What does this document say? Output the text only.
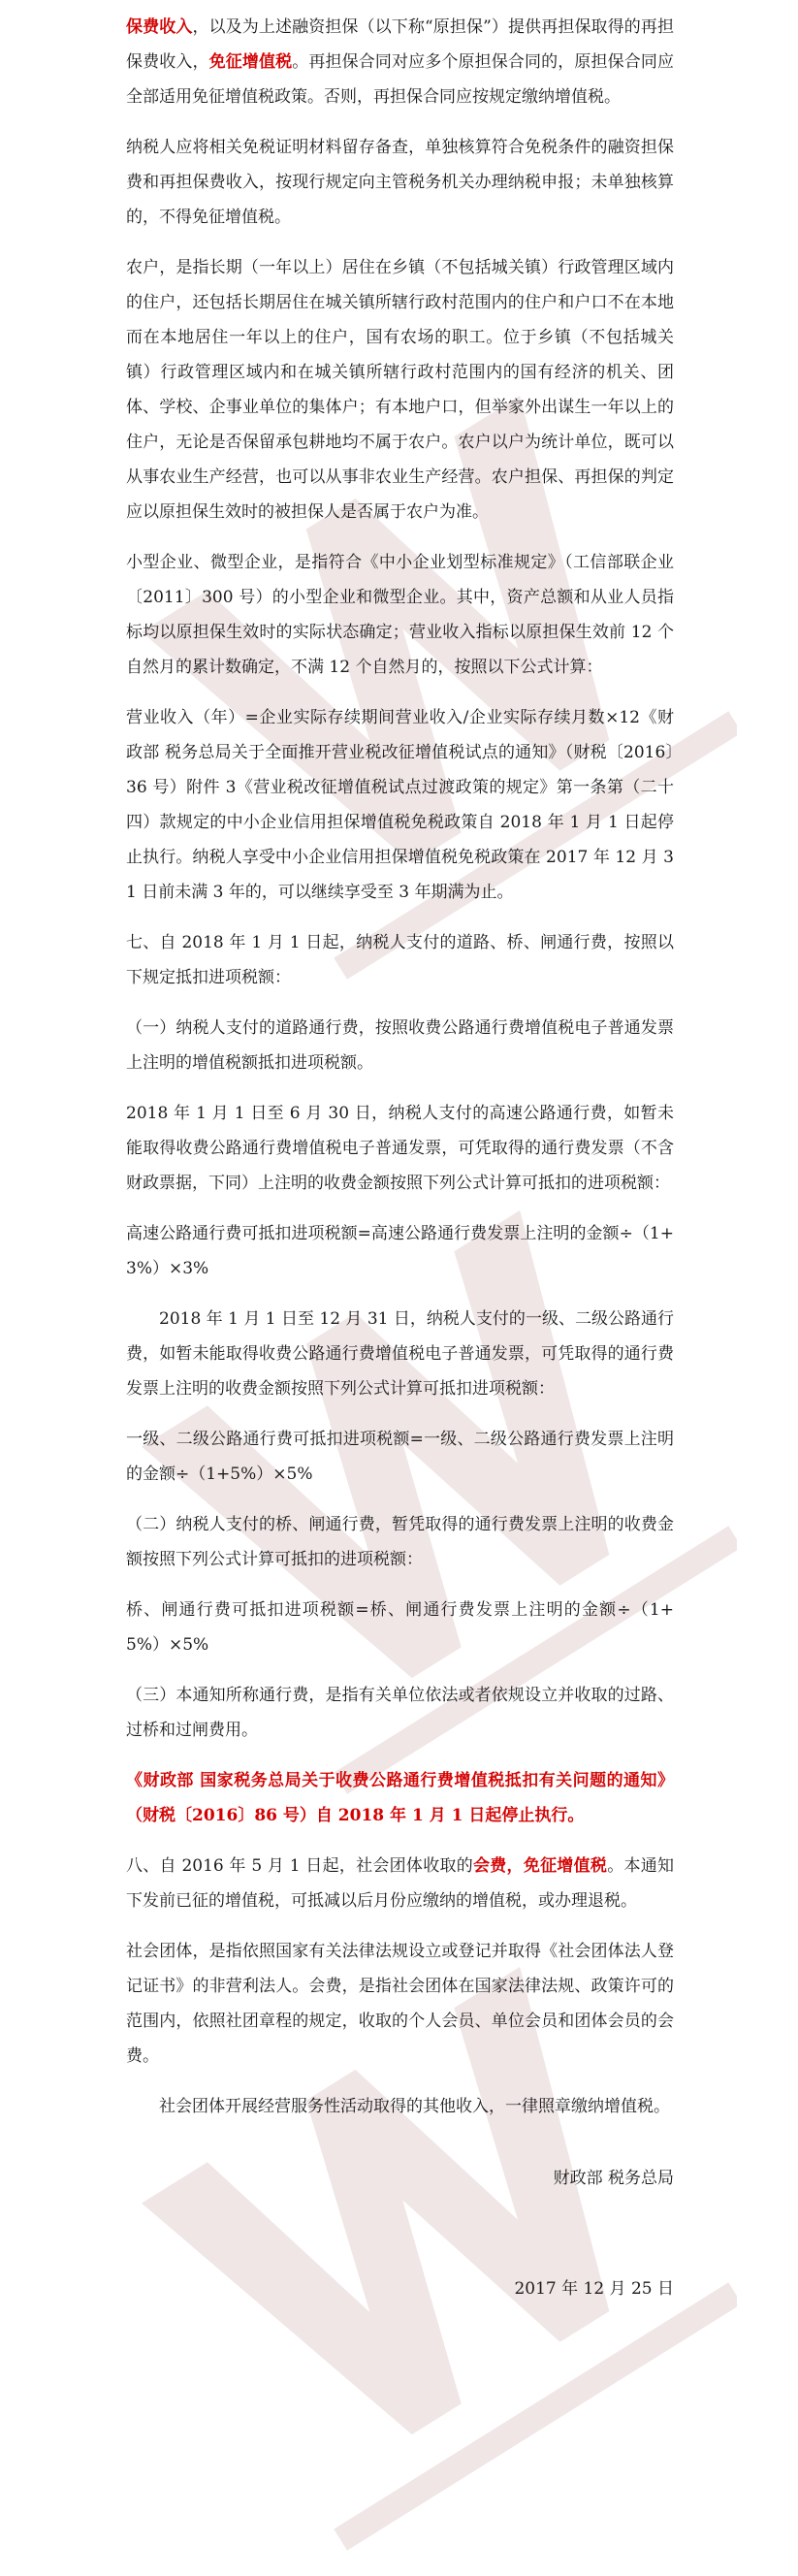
保费收入，以及为上述融资担保（以下称“原担保”）提供再担保取得的再担保费收入，免征增值税。再担保合同对应多个原担保合同的，原担保合同应全部适用免征增值税政策。否则，再担保合同应按规定缴纳增值税。

纳税人应将相关免税证明材料留存备查，单独核算符合免税条件的融资担保费和再担保费收入，按现行规定向主管税务机关办理纳税申报；未单独核算的，不得免征增值税。

农户，是指长期（一年以上）居住在乡镇（不包括城关镇）行政管理区域内的住户，还包括长期居住在城关镇所辖行政村范围内的住户和户口不在本地而在本地居住一年以上的住户，国有农场的职工。位于乡镇（不包括城关镇）行政管理区域内和在城关镇所辖行政村范围内的国有经济的机关、团体、学校、企事业单位的集体户；有本地户口，但举家外出谋生一年以上的住户，无论是否保留承包耕地均不属于农户。农户以户为统计单位，既可以从事农业生产经营，也可以从事非农业生产经营。农户担保、再担保的判定应以原担保生效时的被担保人是否属于农户为准。

小型企业、微型企业，是指符合《中小企业划型标准规定》（工信部联企业〔2011〕300 号）的小型企业和微型企业。其中，资产总额和从业人员指标均以原担保生效时的实际状态确定；营业收入指标以原担保生效前 12 个自然月的累计数确定，不满 12 个自然月的，按照以下公式计算：

营业收入（年）=企业实际存续期间营业收入/企业实际存续月数×12《财政部 税务总局关于全面推开营业税改征增值税试点的通知》（财税〔2016〕36 号）附件 3《营业税改征增值税试点过渡政策的规定》第一条第（二十四）款规定的中小企业信用担保增值税免税政策自 2018 年 1 月 1 日起停止执行。纳税人享受中小企业信用担保增值税免税政策在 2017 年 12 月 31 日前未满 3 年的，可以继续享受至 3 年期满为止。

七、自 2018 年 1 月 1 日起，纳税人支付的道路、桥、闸通行费，按照以下规定抵扣进项税额：

（一）纳税人支付的道路通行费，按照收费公路通行费增值税电子普通发票上注明的增值税额抵扣进项税额。

2018 年 1 月 1 日至 6 月 30 日，纳税人支付的高速公路通行费，如暂未能取得收费公路通行费增值税电子普通发票，可凭取得的通行费发票（不含财政票据，下同）上注明的收费金额按照下列公式计算可抵扣的进项税额：

高速公路通行费可抵扣进项税额=高速公路通行费发票上注明的金额÷（1+3%）×3%

2018 年 1 月 1 日至 12 月 31 日，纳税人支付的一级、二级公路通行费，如暂未能取得收费公路通行费增值税电子普通发票，可凭取得的通行费发票上注明的收费金额按照下列公式计算可抵扣进项税额：

一级、二级公路通行费可抵扣进项税额=一级、二级公路通行费发票上注明的金额÷（1+5%）×5%

（二）纳税人支付的桥、闸通行费，暂凭取得的通行费发票上注明的收费金额按照下列公式计算可抵扣的进项税额：

桥、闸通行费可抵扣进项税额=桥、闸通行费发票上注明的金额÷（1+5%）×5%

（三）本通知所称通行费，是指有关单位依法或者依规设立并收取的过路、过桥和过闸费用。

《财政部 国家税务总局关于收费公路通行费增值税抵扣有关问题的通知》（财税〔2016〕86 号）自 2018 年 1 月 1 日起停止执行。

八、自 2016 年 5 月 1 日起，社会团体收取的会费，免征增值税。本通知下发前已征的增值税，可抵减以后月份应缴纳的增值税，或办理退税。

社会团体，是指依照国家有关法律法规设立或登记并取得《社会团体法人登记证书》的非营利法人。会费，是指社会团体在国家法律法规、政策许可的范围内，依照社团章程的规定，收取的个人会员、单位会员和团体会员的会费。

社会团体开展经营服务性活动取得的其他收入，一律照章缴纳增值税。

财政部 税务总局

2017 年 12 月 25 日
